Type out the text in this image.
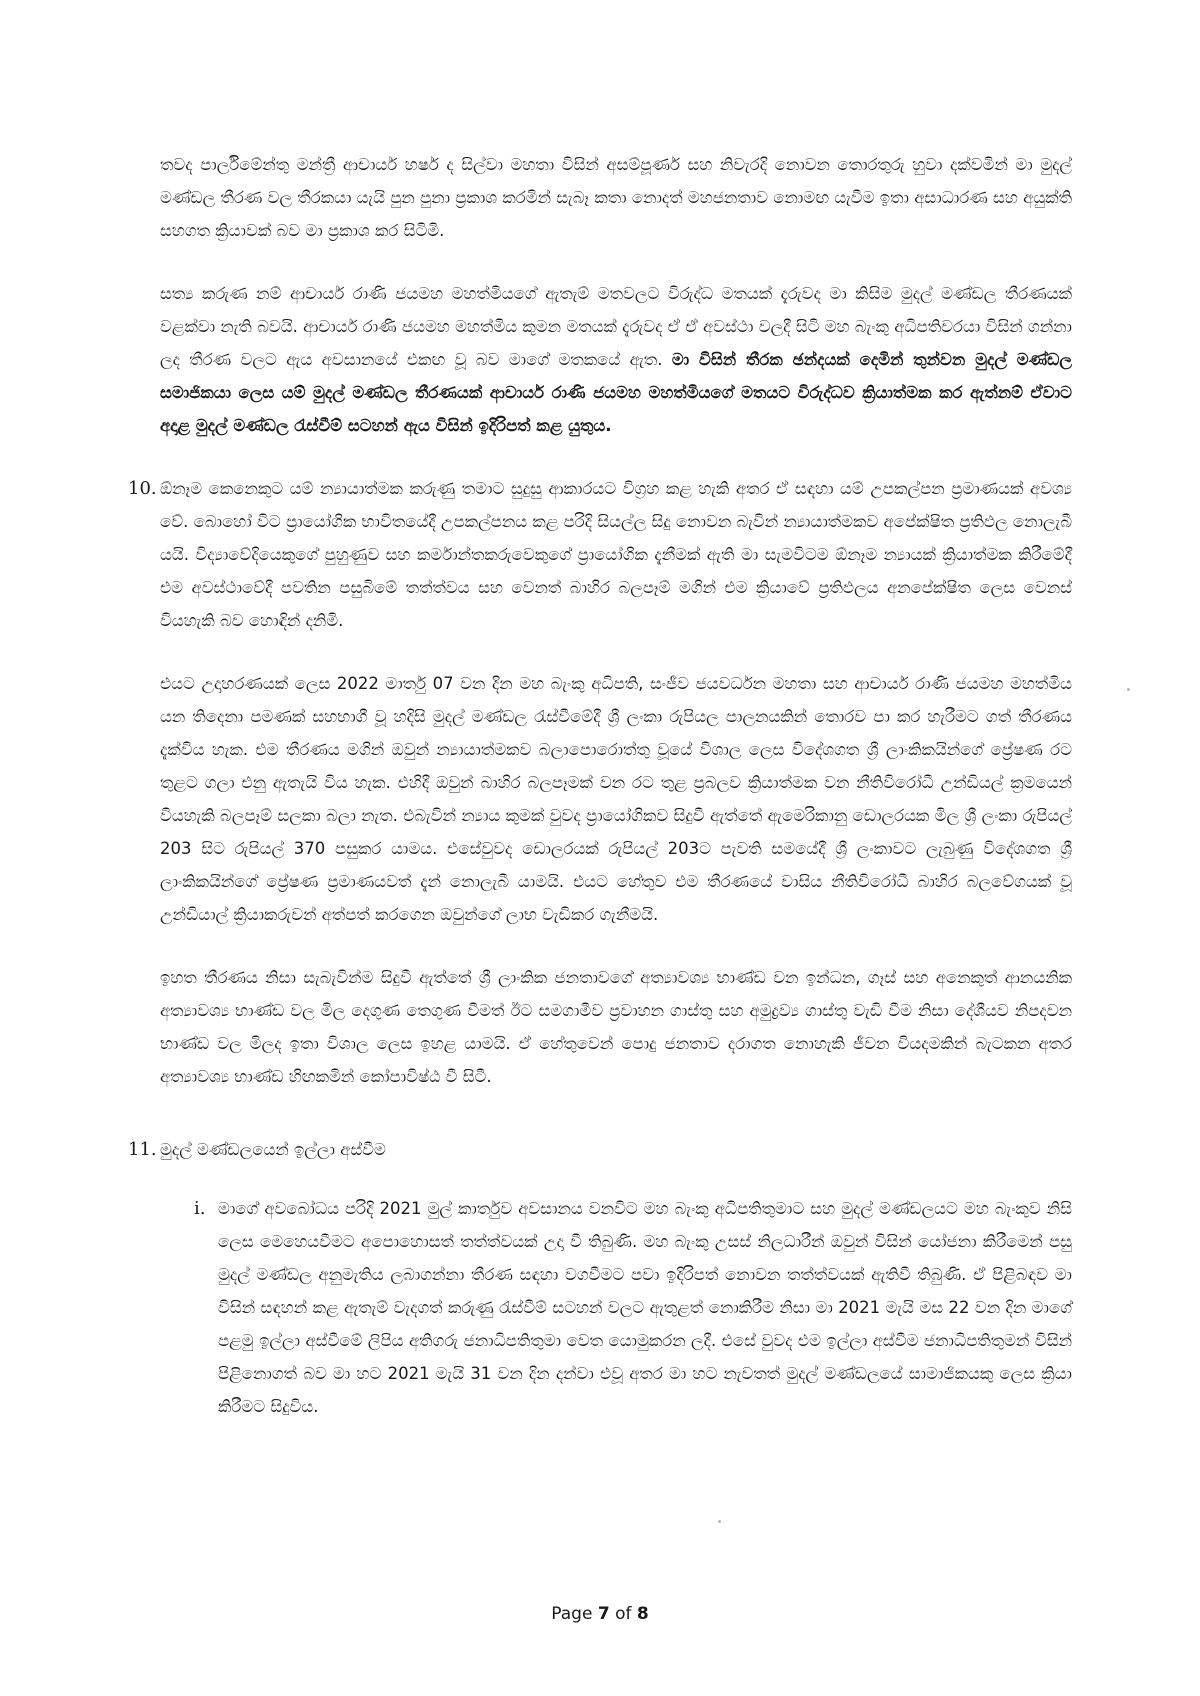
තවද පාර්ලිමේන්තු මන්ත්‍රී ආචාර්ය හර්ෂ ද සිල්වා මහතා විසින් අසම්පූර්ණ සහ නිවැරදි නොවන තොරතුරු හුවා දක්වමින් මා මුදල් මණ්ඩල තීරණ වල තීරකයා යැයි පුන පුනා ප්‍රකාශ කරමින් සැබෑ කතා නොදත් මහජනතාව නොමඟ යැවීම ඉතා අසාධාරණ සහ අයුක්ති සහගත ක්‍රියාවක් බව මා ප්‍රකාශ කර සිටිමි.

සත්‍ය කරුණ නම් ආචාර්ය රාණි ජයමහ මහත්මියගේ ඇතැම් මතවලට විරුද්ධ මතයක් දැරුවද මා කිසිම මුදල් මණ්ඩල තීරණයක් වළක්වා නැති බවයි. ආචාර්ය රාණි ජයමහ මහත්මිය කුමන මතයක් දැරුවද ඒ ඒ අවස්ථා වලදී සිටි මහ බැංකු අධිපතිවරයා විසින් ගන්නා ලද තීරණ වලට ඇය අවසානයේ එකඟ වූ බව මාගේ මතකයේ ඇත. මා විසින් තීරක ඡන්දයක් දෙමින් තුන්වන මුදල් මණ්ඩල සමාජිකයා ලෙස යම් මුදල් මණ්ඩල තීරණයක් ආචාර්ය රාණි ජයමහ මහත්මියගේ මතයට විරුද්ධව ක්‍රියාත්මක කර ඇත්නම් ඒවාට අදාළ මුදල් මණ්ඩල රැස්වීම් සටහන් ඇය විසින් ඉදිරිපත් කළ යුතුය.

10. ඕනෑම කෙනෙකුට යම් න්‍යායාත්මක කරුණු තමාට සුදුසු ආකාරයට විග්‍රහ කළ හැකි අතර ඒ සඳහා යම් උපකල්පන ප්‍රමාණයක් අවශ්‍ය වේ. බොහෝ විට ප්‍රායෝගික භාවිතයේදී උපකල්පනය කළ පරිදි සියල්ල සිදු නොවන බැවින් න්‍යායාත්මකව අපේක්ෂිත ප්‍රතිඵල නොලැබී යයි. විද්‍යාවේදියෙකුගේ පුහුණුව සහ කර්මාන්තකරුවෙකුගේ ප්‍රායෝගික දැනීමක් ඇති මා සැමවිටම ඕනෑම න්‍යායක් ක්‍රියාත්මක කිරීමේදී එම අවස්ථාවේදී පවතින පසුබිමේ තත්ත්වය සහ වෙනත් බාහිර බලපෑම් මගින් එම ක්‍රියාවේ ප්‍රතිඵලය අනපේක්ෂිත ලෙස වෙනස් වියහැකි බව හොඳින් දනිමි.

එයට උදාහරණයක් ලෙස 2022 මාර්තු 07 වන දින මහ බැංකු අධිපති, සංජීව ජයවර්ධන මහතා සහ ආචාර්ය රාණි ජයමහ මහත්මිය යන තිදෙනා පමණක් සහභාගී වූ හදිසි මුදල් මණ්ඩල රැස්වීමේදී ශ්‍රී ලංකා රුපියල පාලනයකින් තොරව පා කර හැරීමට ගත් තීරණය දැක්විය හැක. එම තීරණය මගින් ඔවුන් න්‍යායාත්මකව බලාපොරොත්තු වූයේ විශාල ලෙස විදේශගත ශ්‍රී ලාංකිකයින්ගේ ප්‍රේෂණ රට තුළට ගලා එනු ඇතැයි විය හැක. එහිදී ඔවුන් බාහිර බලපෑමක් වන රට තුළ ප්‍රබලව ක්‍රියාත්මක වන නීතිවිරෝධී උන්ඩියල් ක්‍රමයෙන් වියහැකි බලපෑම් සලකා බලා නැත. එබැවින් න්‍යාය කුමක් වුවද ප්‍රායෝගිකව සිදුවී ඇත්තේ ඇමෙරිකානු ඩොලරයක මිල ශ්‍රී ලංකා රුපියල් 203 සිට රුපියල් 370 පසුකර යාමය. එසේවුවද ඩොලරයක් රුපියල් 203ට පැවති සමයේදී ශ්‍රී ලංකාවට ලැබුණු විදේශගත ශ්‍රී ලාංකිකයින්ගේ ප්‍රේෂණ ප්‍රමාණයවත් දැන් නොලැබී යාමයි. එයට හේතුව එම තීරණයේ වාසිය නීතිවිරෝධී බාහිර බලවේගයක් වූ උන්ඩියාල් ක්‍රියාකරුවන් අත්පත් කරගෙන ඔවුන්ගේ ලාභ වැඩිකර ගැනීමයි.

ඉහත තීරණය නිසා සැබැවින්ම සිදුවී ඇත්තේ ශ්‍රී ලාංකික ජනතාවගේ අත්‍යාවශ්‍ය භාණ්ඩ වන ඉන්ධන, ගෑස් සහ අනෙකුත් ආනයනික අත්‍යාවශ්‍ය භාණ්ඩ වල මිල දෙගුණ තෙගුණ වීමත් ඊට සමගාමීව ප්‍රවාහන ගාස්තු සහ අමුද්‍රව්‍ය ගාස්තු වැඩි වීම නිසා දේශීයව නිපදවන භාණ්ඩ වල මිලද ඉතා විශාල ලෙස ඉහළ යාමයි. ඒ හේතුවෙන් පොදු ජනතාව දරාගත නොහැකි ජීවන වියදමකින් බැටකන අතර අත්‍යාවශ්‍ය භාණ්ඩ හිඟකමින් කෝපාවිෂ්ඨ වී සිටී.

11. මුදල් මණ්ඩලයෙන් ඉල්ලා අස්වීම
i. මාගේ අවබෝධය පරිදි 2021 මුල් කාර්තුව අවසානය වනවිට මහ බැංකු අධිපතිතුමාට සහ මුදල් මණ්ඩලයට මහ බැංකුව නිසි ලෙස මෙහෙයවීමට අපොහොසත් තත්ත්වයක් උදා වී තිබුණි. මහ බැංකු උසස් නිලධාරීන් ඔවුන් විසින් යෝජනා කිරීමෙන් පසු මුදල් මණ්ඩල අනුමැතිය ලබාගන්නා තීරණ සඳහා වගවීමට පවා ඉදිරිපත් නොවන තත්ත්වයක් ඇතිවී තිබුණි. ඒ පිළිබඳව මා විසින් සඳහන් කළ ඇතැම් වැදගත් කරුණු රැස්වීම් සටහන් වලට ඇතුළත් නොකිරීම නිසා මා 2021 මැයි මස 22 වන දින මාගේ පළමු ඉල්ලා අස්වීමේ ලිපිය අතිගරු ජනාධිපතිතුමා වෙත යොමුකරන ලදී. එසේ වුවද එම ඉල්ලා අස්වීම ජනාධිපතිතුමන් විසින් පිළිනොගත් බව මා හට 2021 මැයි 31 වන දින දන්වා එවූ අතර මා හට නැවතත් මුදල් මණ්ඩලයේ සාමාජිකයකු ලෙස ක්‍රියා කිරීමට සිදුවිය.

Page 7 of 8
